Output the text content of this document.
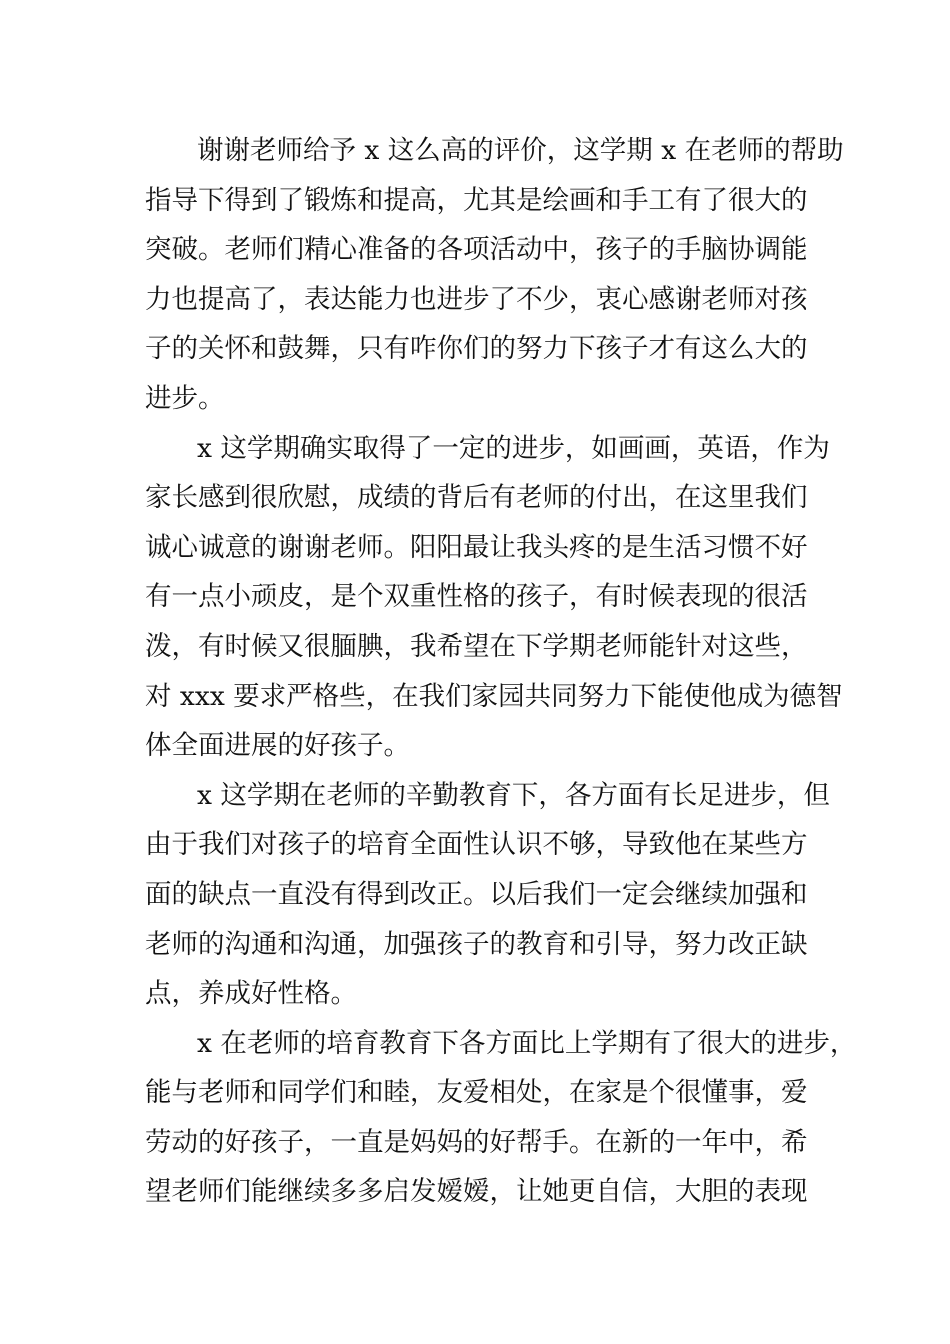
谢谢老师给予 x 这么高的评价，这学期 x 在老师的帮助
指导下得到了锻炼和提高，尤其是绘画和手工有了很大的
突破。老师们精心准备的各项活动中，孩子的手脑协调能
力也提高了，表达能力也进步了不少，衷心感谢老师对孩
子的关怀和鼓舞，只有咋你们的努力下孩子才有这么大的
进步。
x 这学期确实取得了一定的进步，如画画，英语，作为
家长感到很欣慰，成绩的背后有老师的付出，在这里我们
诚心诚意的谢谢老师。阳阳最让我头疼的是生活习惯不好
有一点小顽皮，是个双重性格的孩子，有时候表现的很活
泼，有时候又很腼腆，我希望在下学期老师能针对这些，
对 xxx 要求严格些，在我们家园共同努力下能使他成为德智
体全面进展的好孩子。
x 这学期在老师的辛勤教育下，各方面有长足进步，但
由于我们对孩子的培育全面性认识不够，导致他在某些方
面的缺点一直没有得到改正。以后我们一定会继续加强和
老师的沟通和沟通，加强孩子的教育和引导，努力改正缺
点，养成好性格。
x 在老师的培育教育下各方面比上学期有了很大的进步，
能与老师和同学们和睦，友爱相处，在家是个很懂事，爱
劳动的好孩子，一直是妈妈的好帮手。在新的一年中，希
望老师们能继续多多启发嫒嫒，让她更自信，大胆的表现
